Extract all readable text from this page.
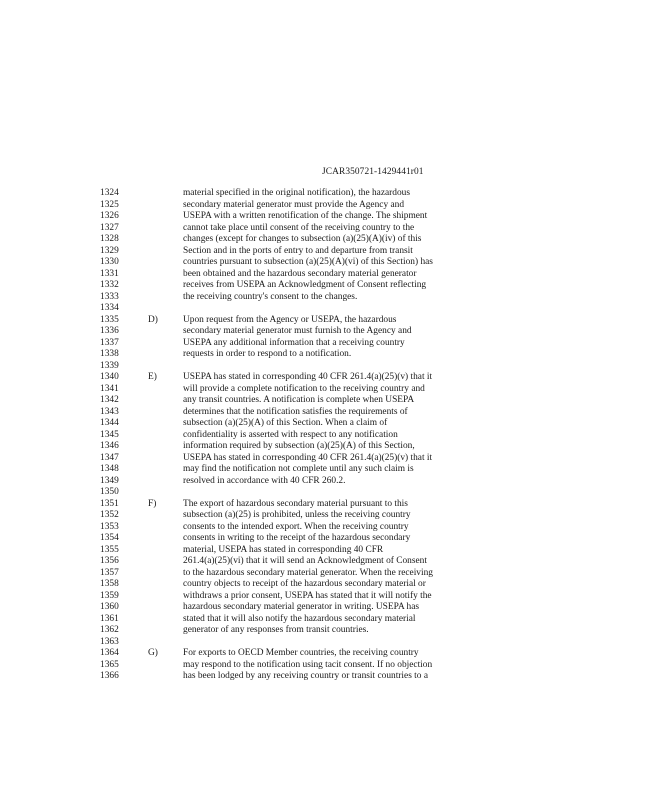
JCAR350721-1429441r01
1324	material specified in the original notification), the hazardous
1325	secondary material generator must provide the Agency and
1326	USEPA with a written renotification of the change. The shipment
1327	cannot take place until consent of the receiving country to the
1328	changes (except for changes to subsection (a)(25)(A)(iv) of this
1329	Section and in the ports of entry to and departure from transit
1330	countries pursuant to subsection (a)(25)(A)(vi) of this Section) has
1331	been obtained and the hazardous secondary material generator
1332	receives from USEPA an Acknowledgment of Consent reflecting
1333	the receiving country's consent to the changes.
1334
1335	D)	Upon request from the Agency or USEPA, the hazardous
1336	secondary material generator must furnish to the Agency and
1337	USEPA any additional information that a receiving country
1338	requests in order to respond to a notification.
1339
1340	E)	USEPA has stated in corresponding 40 CFR 261.4(a)(25)(v) that it
1341	will provide a complete notification to the receiving country and
1342	any transit countries. A notification is complete when USEPA
1343	determines that the notification satisfies the requirements of
1344	subsection (a)(25)(A) of this Section. When a claim of
1345	confidentiality is asserted with respect to any notification
1346	information required by subsection (a)(25)(A) of this Section,
1347	USEPA has stated in corresponding 40 CFR 261.4(a)(25)(v) that it
1348	may find the notification not complete until any such claim is
1349	resolved in accordance with 40 CFR 260.2.
1350
1351	F)	The export of hazardous secondary material pursuant to this
1352	subsection (a)(25) is prohibited, unless the receiving country
1353	consents to the intended export. When the receiving country
1354	consents in writing to the receipt of the hazardous secondary
1355	material, USEPA has stated in corresponding 40 CFR
1356	261.4(a)(25)(vi) that it will send an Acknowledgment of Consent
1357	to the hazardous secondary material generator. When the receiving
1358	country objects to receipt of the hazardous secondary material or
1359	withdraws a prior consent, USEPA has stated that it will notify the
1360	hazardous secondary material generator in writing. USEPA has
1361	stated that it will also notify the hazardous secondary material
1362	generator of any responses from transit countries.
1363
1364	G)	For exports to OECD Member countries, the receiving country
1365	may respond to the notification using tacit consent. If no objection
1366	has been lodged by any receiving country or transit countries to a
